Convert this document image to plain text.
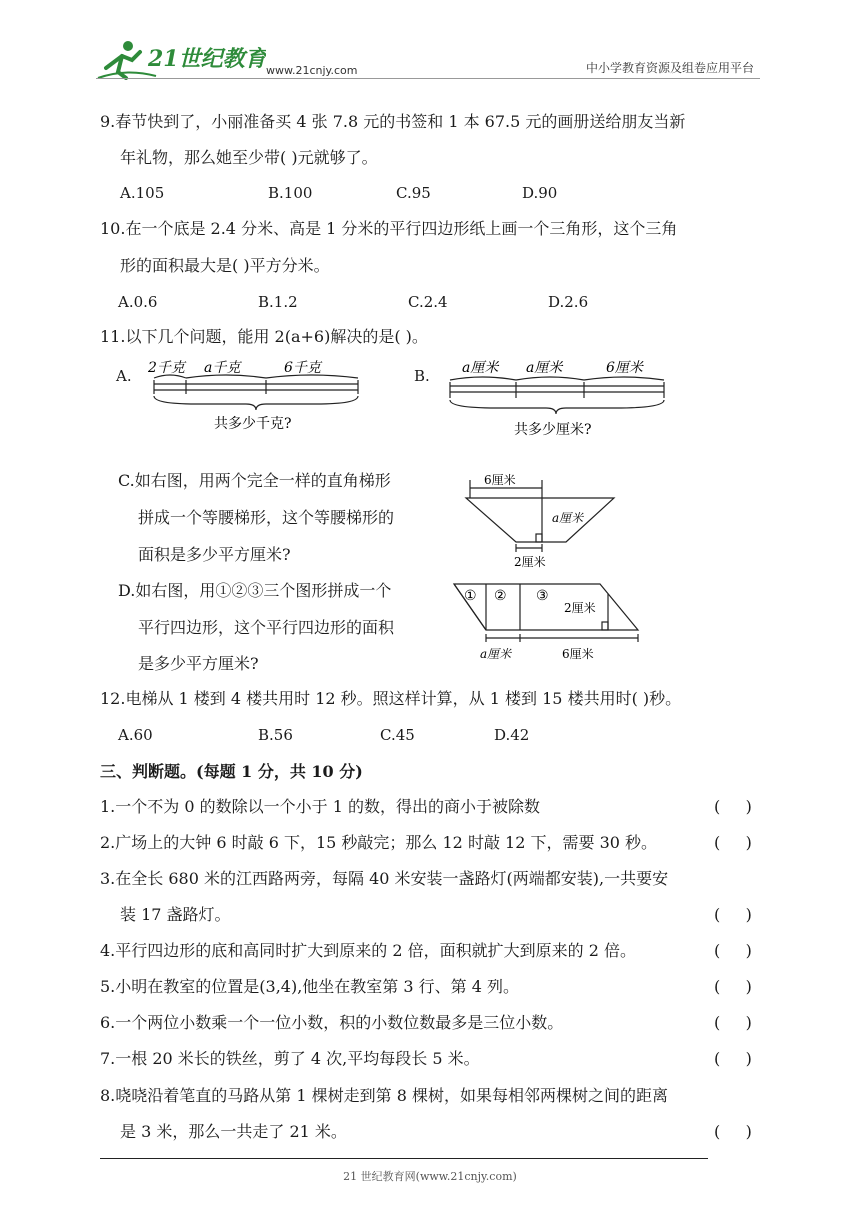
21世纪教育 www.21cnjy.com	中小学教育资源及组卷应用平台
9.春节快到了，小丽准备买 4 张 7.8 元的书签和 1 本 67.5 元的画册送给朋友当新
年礼物，那么她至少带( )元就够了。
A.105	B.100	C.95	D.90
10.在一个底是 2.4 分米、高是 1 分米的平行四边形纸上画一个三角形，这个三角
形的面积最大是( )平方分米。
A.0.6	B.1.2	C.2.4	D.2.6
11.以下几个问题，能用 2(a+6)解决的是( )。
A. 2千克 a千克	6千克
共多少千克?
B. a厘米 a厘米	6厘米
共多少厘米?
C.如右图，用两个完全一样的直角梯形
拼成一个等腰梯形，这个等腰梯形的
面积是多少平方厘米?
6厘米
a厘米
2厘米
D.如右图，用①②③三个图形拼成一个
平行四边形，这个平行四边形的面积
是多少平方厘米?
① ② ③
2厘米
a厘米	6厘米
12.电梯从 1 楼到 4 楼共用时 12 秒。照这样计算，从 1 楼到 15 楼共用时( )秒。
A.60	B.56	C.45	D.42
三、判断题。(每题 1 分，共 10 分)
1.一个不为 0 的数除以一个小于 1 的数，得出的商小于被除数	(     )
2.广场上的大钟 6 时敲 6 下，15 秒敲完；那么 12 时敲 12 下，需要 30 秒。	(     )
3.在全长 680 米的江西路两旁，每隔 40 米安装一盏路灯(两端都安装),一共要安
装 17 盏路灯。	(     )
4.平行四边形的底和高同时扩大到原来的 2 倍，面积就扩大到原来的 2 倍。	(     )
5.小明在教室的位置是(3,4),他坐在教室第 3 行、第 4 列。	(     )
6.一个两位小数乘一个一位小数，积的小数位数最多是三位小数。	(     )
7.一根 20 米长的铁丝，剪了 4 次,平均每段长 5 米。	(     )
8.哓哓沿着笔直的马路从第 1 棵树走到第 8 棵树，如果每相邻两棵树之间的距离
是 3 米，那么一共走了 21 米。	(     )
21 世纪教育网(www.21cnjy.com)
